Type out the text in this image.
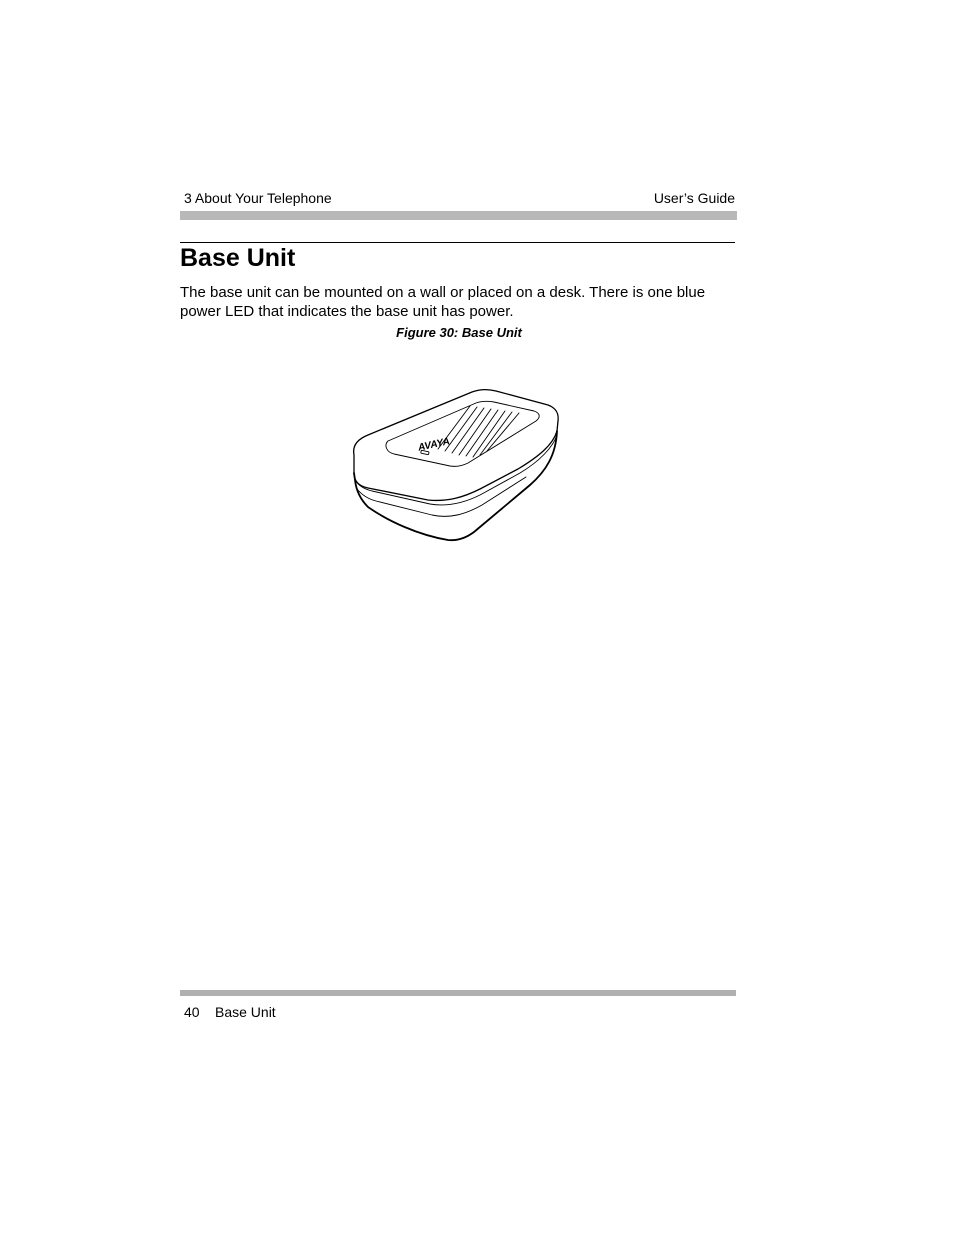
3 About Your Telephone	User’s Guide
Base Unit

The base unit can be mounted on a wall or placed on a desk. There is one blue power LED that indicates the base unit has power.

Figure 30: Base Unit
AVAYA
40 Base Unit
